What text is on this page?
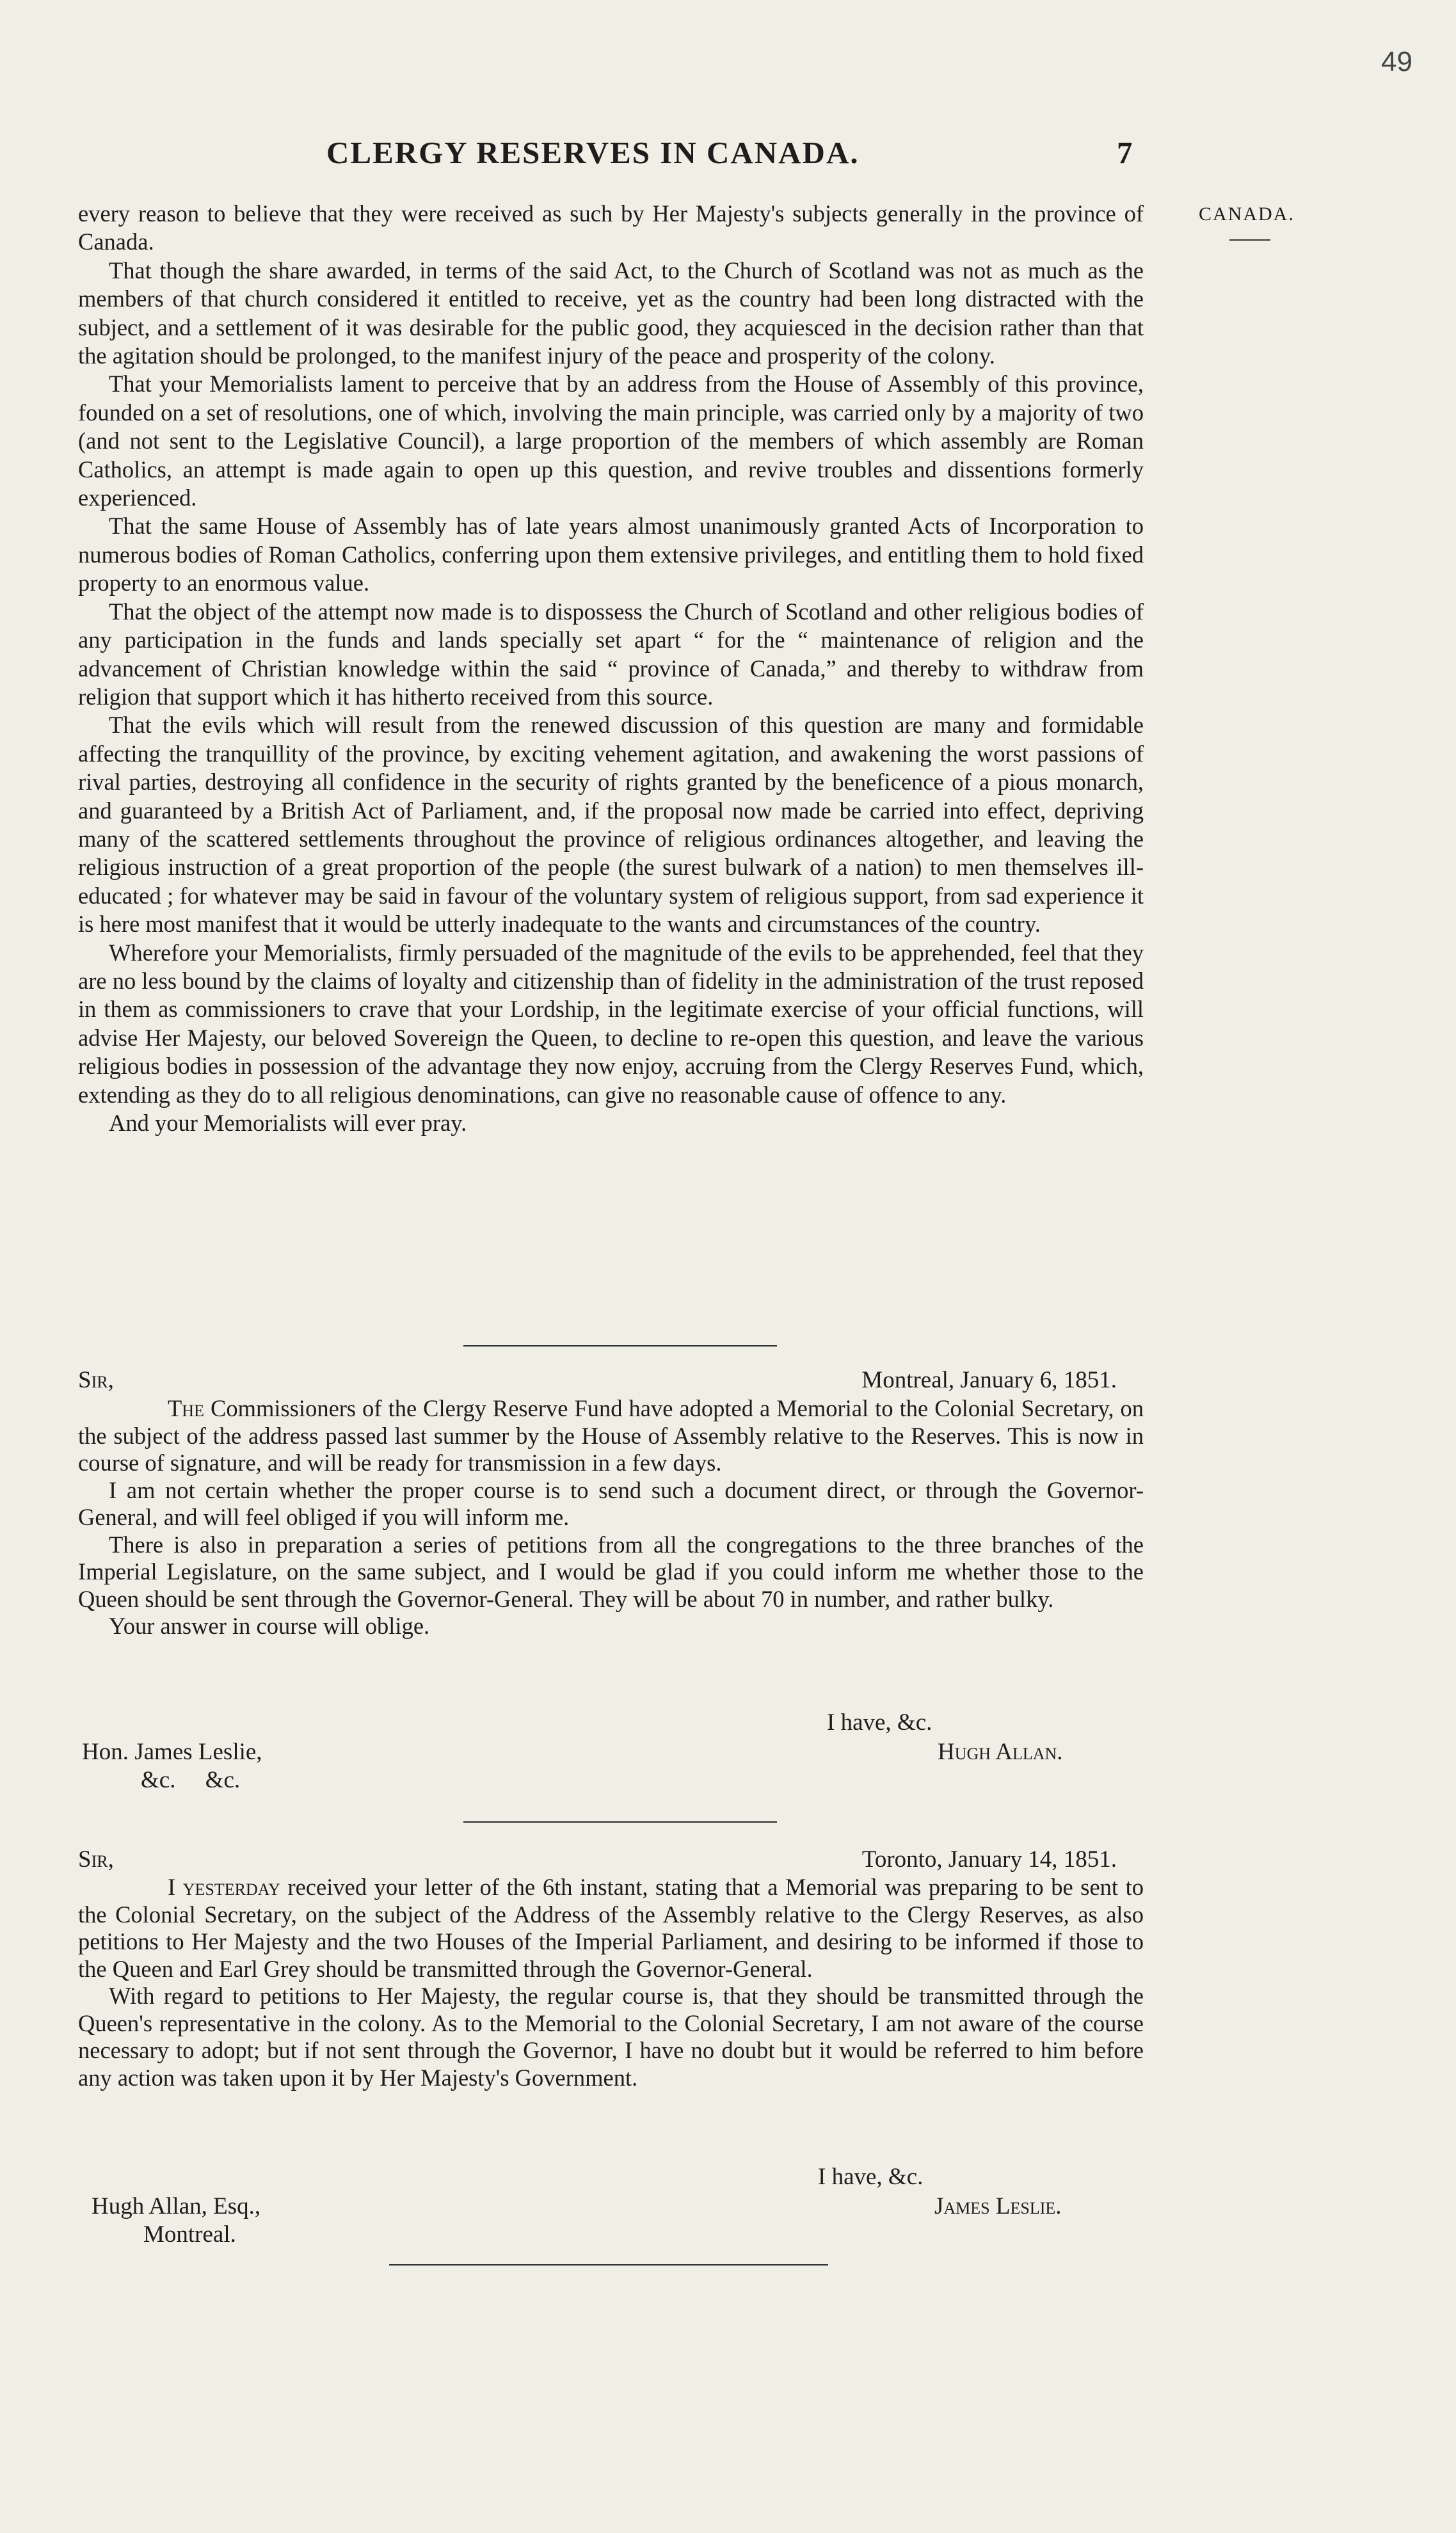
49
CLERGY RESERVES IN CANADA.	7
CANADA.

every reason to believe that they were received as such by Her Majesty's subjects generally in the province of Canada.

That though the share awarded, in terms of the said Act, to the Church of Scotland was not as much as the members of that church considered it entitled to receive, yet as the country had been long distracted with the subject, and a settlement of it was desirable for the public good, they acquiesced in the decision rather than that the agitation should be prolonged, to the manifest injury of the peace and prosperity of the colony.

That your Memorialists lament to perceive that by an address from the House of Assembly of this province, founded on a set of resolutions, one of which, involving the main principle, was carried only by a majority of two (and not sent to the Legislative Council), a large proportion of the members of which assembly are Roman Catholics, an attempt is made again to open up this question, and revive troubles and dissentions formerly experienced.

That the same House of Assembly has of late years almost unanimously granted Acts of Incorporation to numerous bodies of Roman Catholics, conferring upon them extensive privileges, and entitling them to hold fixed property to an enormous value.

That the object of the attempt now made is to dispossess the Church of Scotland and other religious bodies of any participation in the funds and lands specially set apart “ for the “ maintenance of religion and the advancement of Christian knowledge within the said “ province of Canada,” and thereby to withdraw from religion that support which it has hitherto received from this source.

That the evils which will result from the renewed discussion of this question are many and formidable affecting the tranquillity of the province, by exciting vehement agitation, and awakening the worst passions of rival parties, destroying all confidence in the security of rights granted by the beneficence of a pious monarch, and guaranteed by a British Act of Parliament, and, if the proposal now made be carried into effect, depriving many of the scattered settlements throughout the province of religious ordinances altogether, and leaving the religious instruction of a great proportion of the people (the surest bulwark of a nation) to men themselves ill-educated ; for whatever may be said in favour of the voluntary system of religious support, from sad experience it is here most manifest that it would be utterly inadequate to the wants and circumstances of the country.

Wherefore your Memorialists, firmly persuaded of the magnitude of the evils to be apprehended, feel that they are no less bound by the claims of loyalty and citizenship than of fidelity in the administration of the trust reposed in them as commissioners to crave that your Lordship, in the legitimate exercise of your official functions, will advise Her Majesty, our beloved Sovereign the Queen, to decline to re-open this question, and leave the various religious bodies in possession of the advantage they now enjoy, accruing from the Clergy Reserves Fund, which, extending as they do to all religious denominations, can give no reasonable cause of offence to any.

And your Memorialists will ever pray.

Sir,	Montreal, January 6, 1851.

The Commissioners of the Clergy Reserve Fund have adopted a Memorial to the Colonial Secretary, on the subject of the address passed last summer by the House of Assembly relative to the Reserves. This is now in course of signature, and will be ready for transmission in a few days.

I am not certain whether the proper course is to send such a document direct, or through the Governor-General, and will feel obliged if you will inform me.

There is also in preparation a series of petitions from all the congregations to the three branches of the Imperial Legislature, on the same subject, and I would be glad if you could inform me whether those to the Queen should be sent through the Governor-General. They will be about 70 in number, and rather bulky.

Your answer in course will oblige.

I have, &c.
Hon. James Leslie,	Hugh Allan.
&c.     &c.
Sir,	Toronto, January 14, 1851.

I yesterday received your letter of the 6th instant, stating that a Memorial was preparing to be sent to the Colonial Secretary, on the subject of the Address of the Assembly relative to the Clergy Reserves, as also petitions to Her Majesty and the two Houses of the Imperial Parliament, and desiring to be informed if those to the Queen and Earl Grey should be transmitted through the Governor-General.

With regard to petitions to Her Majesty, the regular course is, that they should be transmitted through the Queen's representative in the colony. As to the Memorial to the Colonial Secretary, I am not aware of the course necessary to adopt; but if not sent through the Governor, I have no doubt but it would be referred to him before any action was taken upon it by Her Majesty's Government.

I have, &c.
Hugh Allan, Esq.,	James Leslie.
Montreal.
